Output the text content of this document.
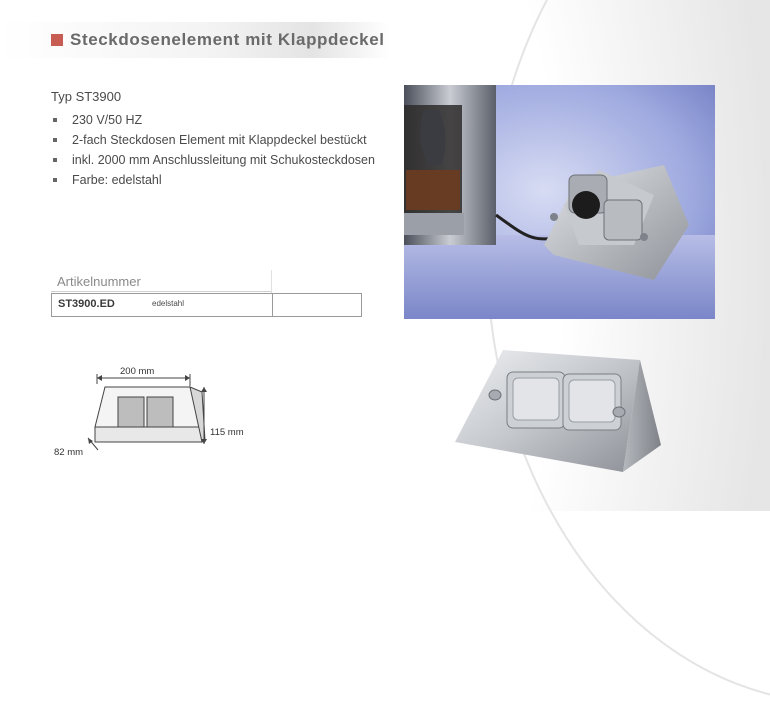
Steckdosenelement mit Klappdeckel
Typ ST3900
230 V/50 HZ
2-fach Steckdosen Element mit Klappdeckel bestückt
inkl. 2000 mm Anschlussleitung mit Schukosteckdosen
Farbe: edelstahl
Artikelnummer
ST3900.ED	edelstahl
200 mm
115 mm
82 mm
